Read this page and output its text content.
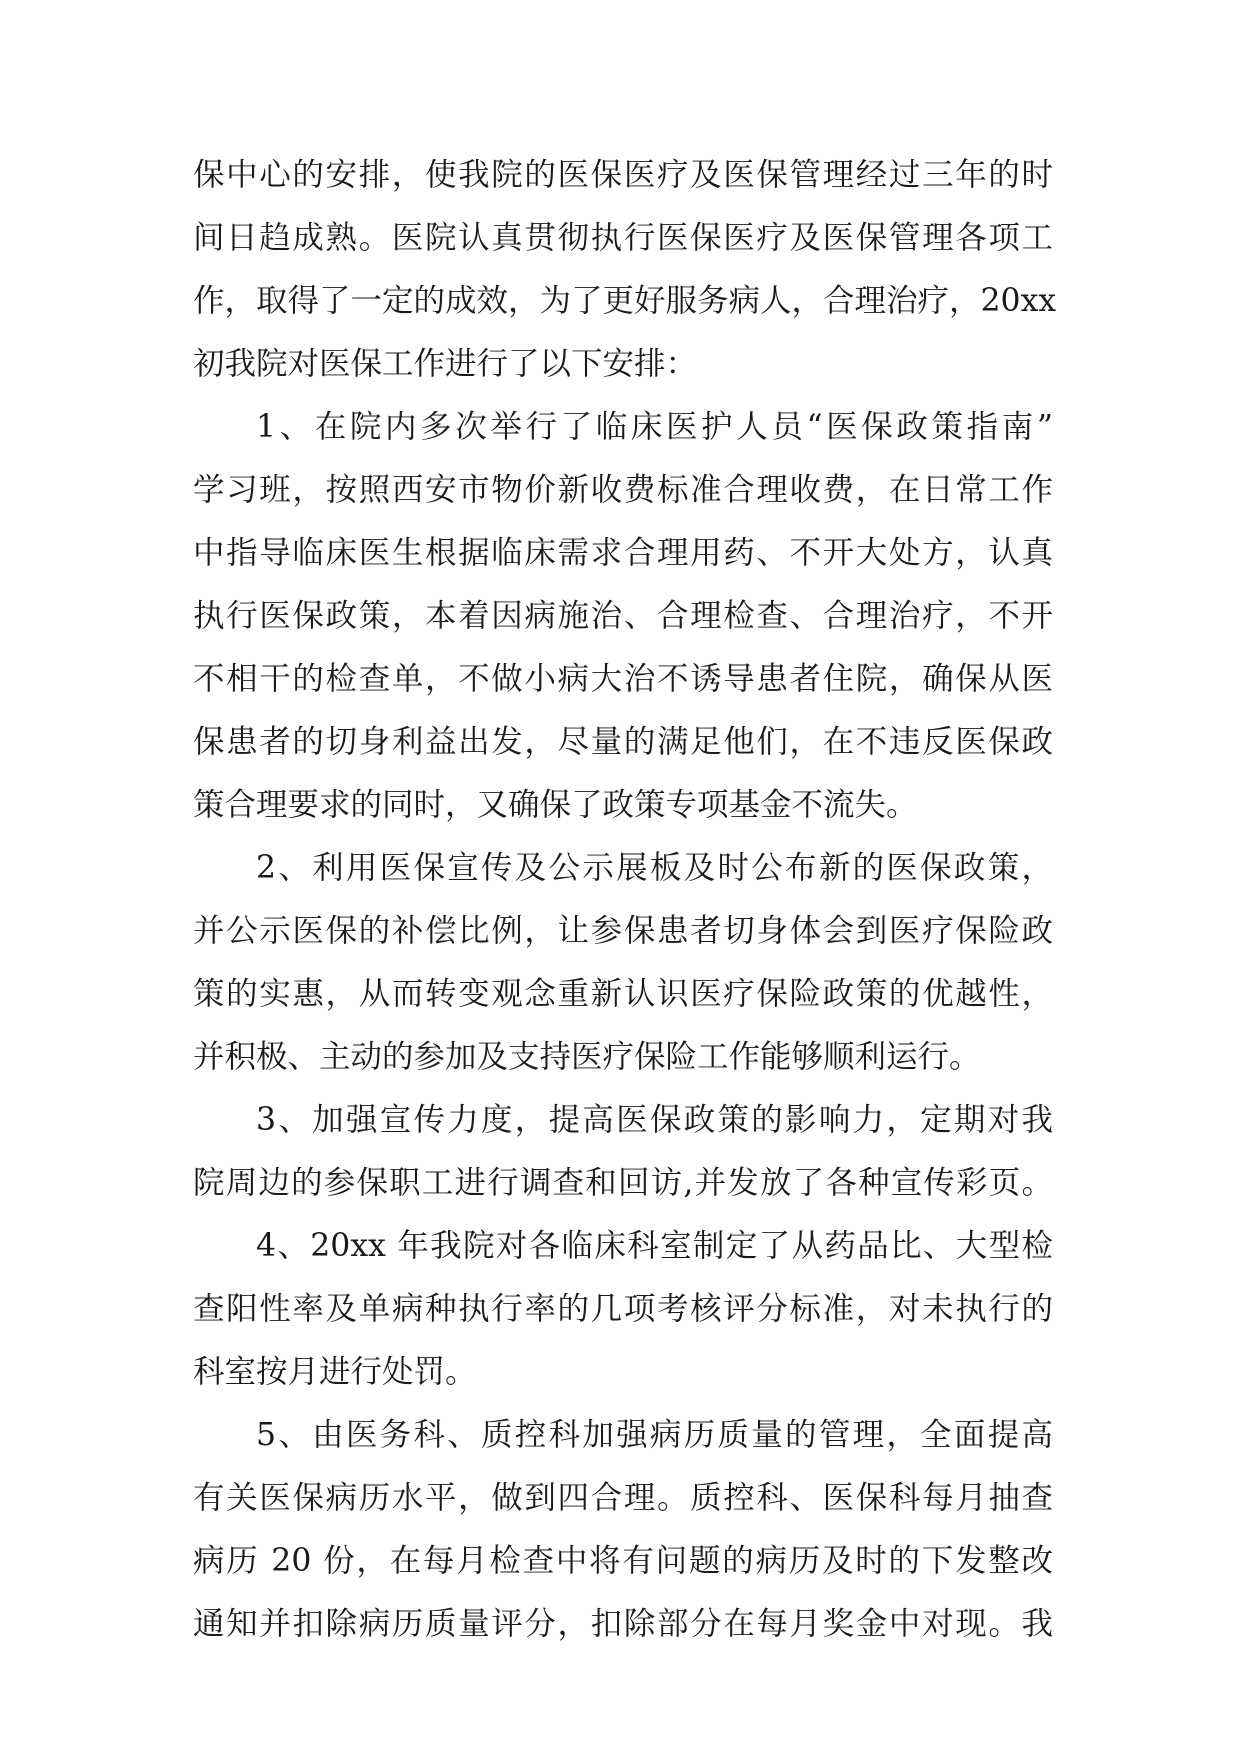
保中心的安排，使我院的医保医疗及医保管理经过三年的时
间日趋成熟。医院认真贯彻执行医保医疗及医保管理各项工
作，取得了一定的成效，为了更好服务病人，合理治疗，20xx
初我院对医保工作进行了以下安排：
1、在院内多次举行了临床医护人员“医保政策指南”
学习班，按照西安市物价新收费标准合理收费，在日常工作
中指导临床医生根据临床需求合理用药、不开大处方，认真
执行医保政策，本着因病施治、合理检查、合理治疗，不开
不相干的检查单，不做小病大治不诱导患者住院，确保从医
保患者的切身利益出发，尽量的满足他们，在不违反医保政
策合理要求的同时，又确保了政策专项基金不流失。
2、利用医保宣传及公示展板及时公布新的医保政策，
并公示医保的补偿比例，让参保患者切身体会到医疗保险政
策的实惠，从而转变观念重新认识医疗保险政策的优越性，
并积极、主动的参加及支持医疗保险工作能够顺利运行。
3、加强宣传力度，提高医保政策的影响力，定期对我
院周边的参保职工进行调查和回访,并发放了各种宣传彩页。
4、20xx 年我院对各临床科室制定了从药品比、大型检
查阳性率及单病种执行率的几项考核评分标准，对未执行的
科室按月进行处罚。
5、由医务科、质控科加强病历质量的管理，全面提高
有关医保病历水平，做到四合理。质控科、医保科每月抽查
病历 20 份，在每月检查中将有问题的病历及时的下发整改
通知并扣除病历质量评分，扣除部分在每月奖金中对现。我
